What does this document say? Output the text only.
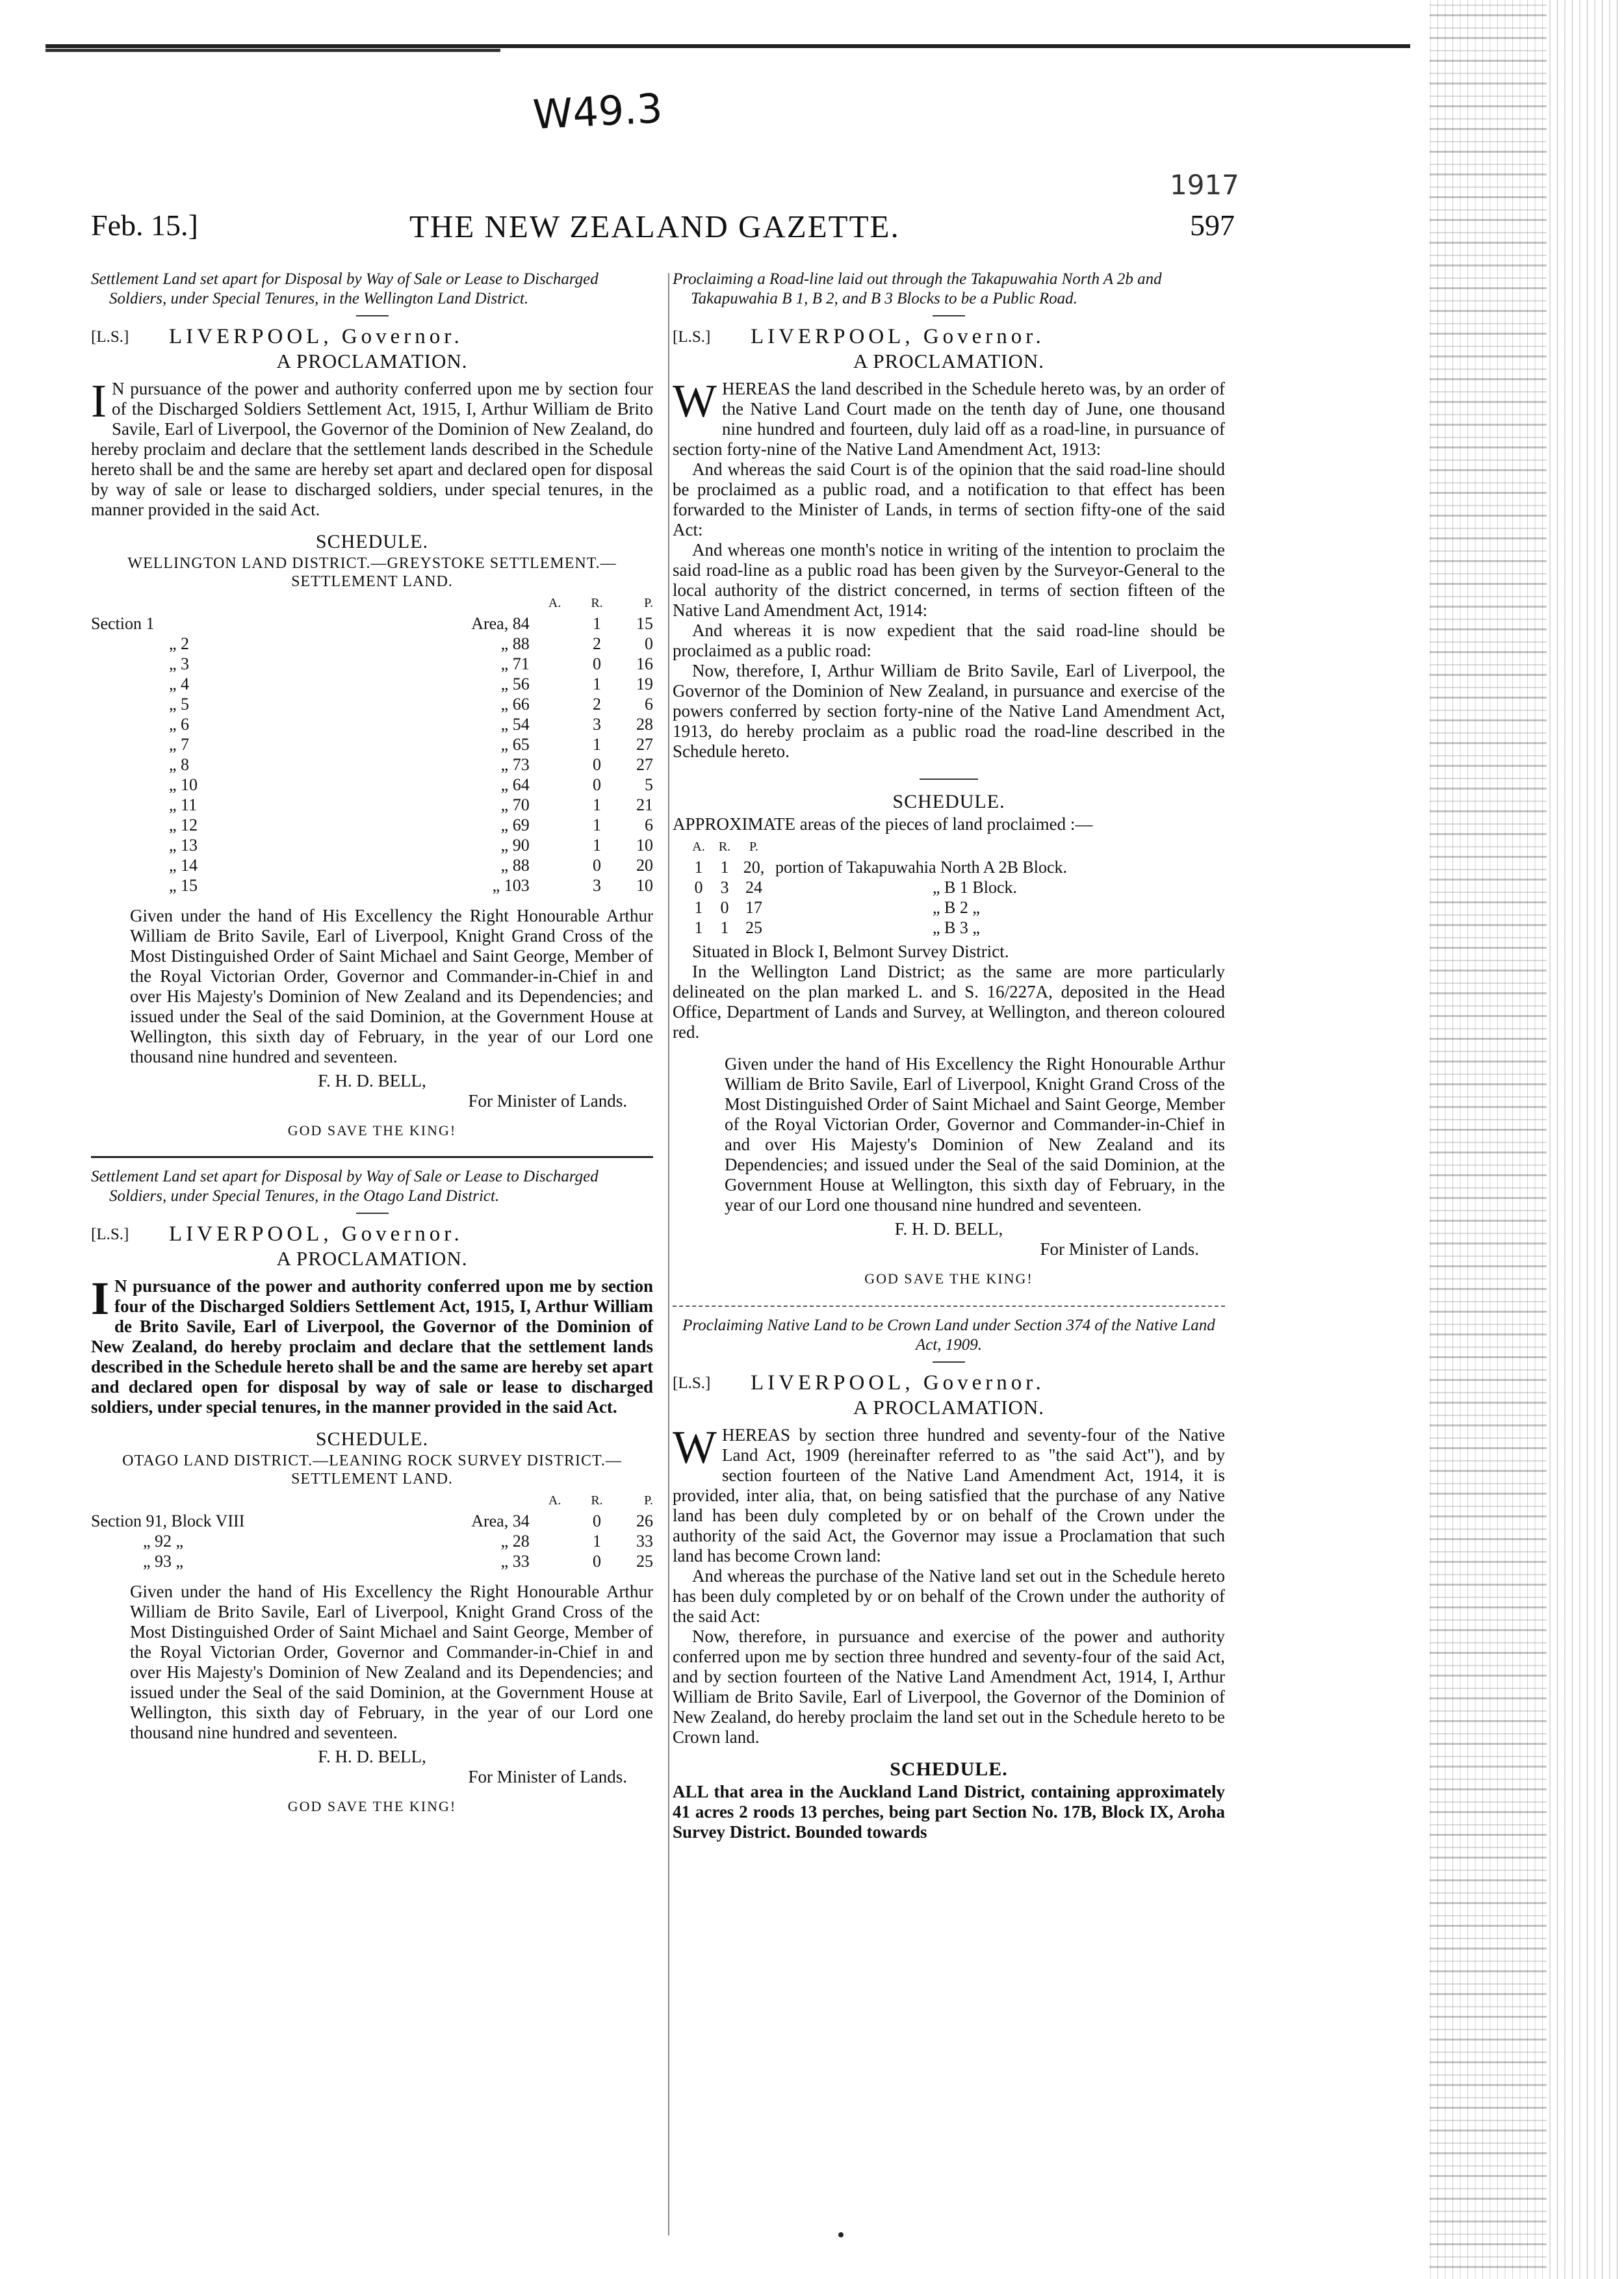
W49.3
1917
Feb. 15.]	THE NEW ZEALAND GAZETTE.	597

Settlement Land set apart for Disposal by Way of Sale or Lease to Discharged Soldiers, under Special Tenures, in the Wellington Land District.

[L.S.]	LIVERPOOL, Governor.
A PROCLAMATION.

I N pursuance of the power and authority conferred upon me by section four of the Discharged Soldiers Settlement Act, 1915, I, Arthur William de Brito Savile, Earl of Liverpool, the Governor of the Dominion of New Zealand, do hereby proclaim and declare that the settlement lands described in the Schedule hereto shall be and the same are hereby set apart and declared open for disposal by way of sale or lease to discharged soldiers, under special tenures, in the manner provided in the said Act.

SCHEDULE.
WELLINGTON LAND DISTRICT.—GREYSTOKE SETTLEMENT.— SETTLEMENT LAND.
		A.	R.	P.
Section 1	Area, 84		1	15
„ 2	„ 88		2	0
„ 3	„ 71		0	16
„ 4	„ 56		1	19
„ 5	„ 66		2	6
„ 6	„ 54		3	28
„ 7	„ 65		1	27
„ 8	„ 73		0	27
„ 10	„ 64		0	5
„ 11	„ 70		1	21
„ 12	„ 69		1	6
„ 13	„ 90		1	10
„ 14	„ 88		0	20
„ 15	„ 103		3	10

Given under the hand of His Excellency the Right Honourable Arthur William de Brito Savile, Earl of Liverpool, Knight Grand Cross of the Most Distinguished Order of Saint Michael and Saint George, Member of the Royal Victorian Order, Governor and Commander-in-Chief in and over His Majesty's Dominion of New Zealand and its Dependencies; and issued under the Seal of the said Dominion, at the Government House at Wellington, this sixth day of February, in the year of our Lord one thousand nine hundred and seventeen.

F. H. D. BELL,
For Minister of Lands.
GOD SAVE THE KING!

Settlement Land set apart for Disposal by Way of Sale or Lease to Discharged Soldiers, under Special Tenures, in the Otago Land District.

[L.S.]	LIVERPOOL, Governor.
A PROCLAMATION.

I N pursuance of the power and authority conferred upon me by section four of the Discharged Soldiers Settlement Act, 1915, I, Arthur William de Brito Savile, Earl of Liverpool, the Governor of the Dominion of New Zealand, do hereby proclaim and declare that the settlement lands described in the Schedule hereto shall be and the same are hereby set apart and declared open for disposal by way of sale or lease to discharged soldiers, under special tenures, in the manner provided in the said Act.

SCHEDULE.
OTAGO LAND DISTRICT.—LEANING ROCK SURVEY DISTRICT.— SETTLEMENT LAND.
		A.	R.	P.
Section 91, Block VIII	Area, 34		0	26
„ 92 „	„ 28		1	33
„ 93 „	„ 33		0	25

Given under the hand of His Excellency the Right Honourable Arthur William de Brito Savile, Earl of Liverpool, Knight Grand Cross of the Most Distinguished Order of Saint Michael and Saint George, Member of the Royal Victorian Order, Governor and Commander-in-Chief in and over His Majesty's Dominion of New Zealand and its Dependencies; and issued under the Seal of the said Dominion, at the Government House at Wellington, this sixth day of February, in the year of our Lord one thousand nine hundred and seventeen.

F. H. D. BELL,
For Minister of Lands.
GOD SAVE THE KING!

Proclaiming a Road-line laid out through the Takapuwahia North A 2b and Takapuwahia B 1, B 2, and B 3 Blocks to be a Public Road.

[L.S.]	LIVERPOOL, Governor.
A PROCLAMATION.

WHEREAS the land described in the Schedule hereto was, by an order of the Native Land Court made on the tenth day of June, one thousand nine hundred and fourteen, duly laid off as a road-line, in pursuance of section forty-nine of the Native Land Amendment Act, 1913:

And whereas the said Court is of the opinion that the said road-line should be proclaimed as a public road, and a notification to that effect has been forwarded to the Minister of Lands, in terms of section fifty-one of the said Act:

And whereas one month's notice in writing of the intention to proclaim the said road-line as a public road has been given by the Surveyor-General to the local authority of the district concerned, in terms of section fifteen of the Native Land Amendment Act, 1914:

And whereas it is now expedient that the said road-line should be proclaimed as a public road:

Now, therefore, I, Arthur William de Brito Savile, Earl of Liverpool, the Governor of the Dominion of New Zealand, in pursuance and exercise of the powers conferred by section forty-nine of the Native Land Amendment Act, 1913, do hereby proclaim as a public road the road-line described in the Schedule hereto.

SCHEDULE.

APPROXIMATE areas of the pieces of land proclaimed :—

A.	R.	P.	
1	1	20,	portion of Takapuwahia North A 2B Block.
0	3	24	„ B 1 Block.
1	0	17	„ B 2 „
1	1	25	„ B 3 „

Situated in Block I, Belmont Survey District.

In the Wellington Land District; as the same are more particularly delineated on the plan marked L. and S. 16/227A, deposited in the Head Office, Department of Lands and Survey, at Wellington, and thereon coloured red.

Given under the hand of His Excellency the Right Honourable Arthur William de Brito Savile, Earl of Liverpool, Knight Grand Cross of the Most Distinguished Order of Saint Michael and Saint George, Member of the Royal Victorian Order, Governor and Commander-in-Chief in and over His Majesty's Dominion of New Zealand and its Dependencies; and issued under the Seal of the said Dominion, at the Government House at Wellington, this sixth day of February, in the year of our Lord one thousand nine hundred and seventeen.

F. H. D. BELL,
For Minister of Lands.
GOD SAVE THE KING!

Proclaiming Native Land to be Crown Land under Section 374 of the Native Land Act, 1909.

[L.S.]	LIVERPOOL, Governor.
A PROCLAMATION.

WHEREAS by section three hundred and seventy-four of the Native Land Act, 1909 (hereinafter referred to as "the said Act"), and by section fourteen of the Native Land Amendment Act, 1914, it is provided, inter alia, that, on being satisfied that the purchase of any Native land has been duly completed by or on behalf of the Crown under the authority of the said Act, the Governor may issue a Proclamation that such land has become Crown land:

And whereas the purchase of the Native land set out in the Schedule hereto has been duly completed by or on behalf of the Crown under the authority of the said Act:

Now, therefore, in pursuance and exercise of the power and authority conferred upon me by section three hundred and seventy-four of the said Act, and by section fourteen of the Native Land Amendment Act, 1914, I, Arthur William de Brito Savile, Earl of Liverpool, the Governor of the Dominion of New Zealand, do hereby proclaim the land set out in the Schedule hereto to be Crown land.

SCHEDULE.

ALL that area in the Auckland Land District, containing approximately 41 acres 2 roods 13 perches, being part Section No. 17B, Block IX, Aroha Survey District. Bounded towards
